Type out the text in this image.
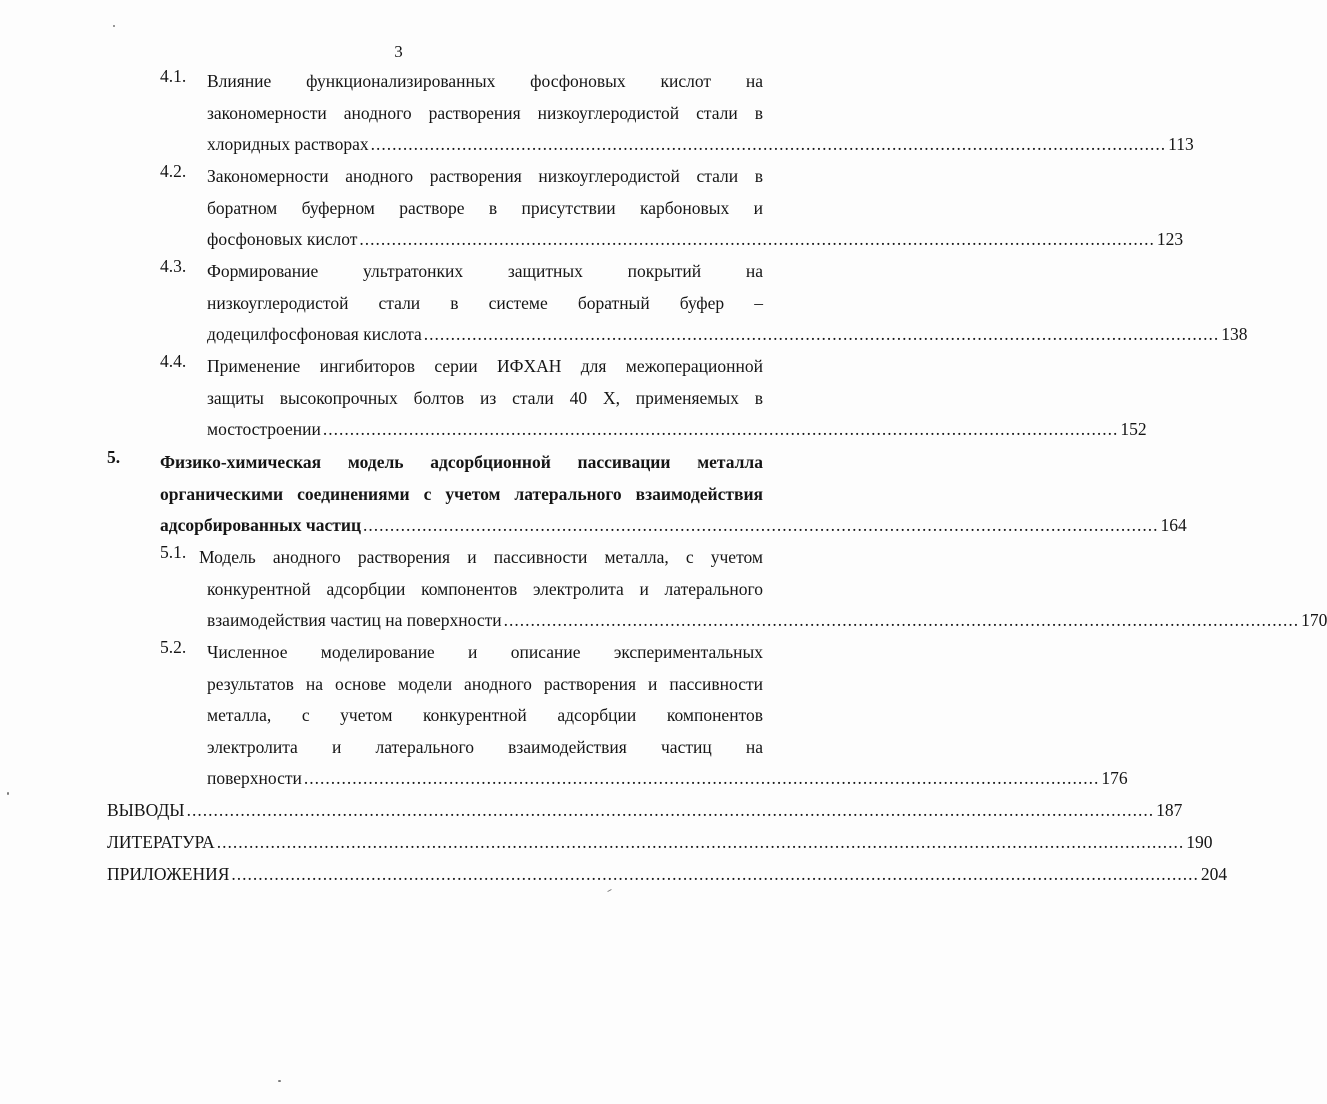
3
4.1. Влияние функционализированных фосфоновых кислот на
закономерности анодного растворения низкоуглеродистой стали в
хлоридных растворах .................................................................................................................................................... 113
4.2. Закономерности анодного растворения низкоуглеродистой стали в
боратном буферном растворе в присутствии карбоновых и
фосфоновых кислот .................................................................................................................................................... 123
4.3. Формирование ультратонких защитных покрытий на
низкоуглеродистой стали в системе боратный буфер –
додецилфосфоновая кислота .................................................................................................................................................... 138
4.4. Применение ингибиторов серии ИФХАН для межоперационной
защиты высокопрочных болтов из стали 40 Х, применяемых в
мостостроении .................................................................................................................................................... 152
5. Физико-химическая модель адсорбционной пассивации металла
органическими соединениями с учетом латерального взаимодействия
адсорбированных частиц .................................................................................................................................................... 164
5.1. Модель анодного растворения и пассивности металла, с учетом
конкурентной адсорбции компонентов электролита и латерального
взаимодействия частиц на поверхности .................................................................................................................................................... 170
5.2. Численное моделирование и описание экспериментальных
результатов на основе модели анодного растворения и пассивности
металла, с учетом конкурентной адсорбции компонентов
электролита и латерального взаимодействия частиц на
поверхности .................................................................................................................................................... 176
ВЫВОДЫ .................................................................................................................................................................................... 187
ЛИТЕРАТУРА .................................................................................................................................................................................... 190
ПРИЛОЖЕНИЯ .................................................................................................................................................................................... 204
